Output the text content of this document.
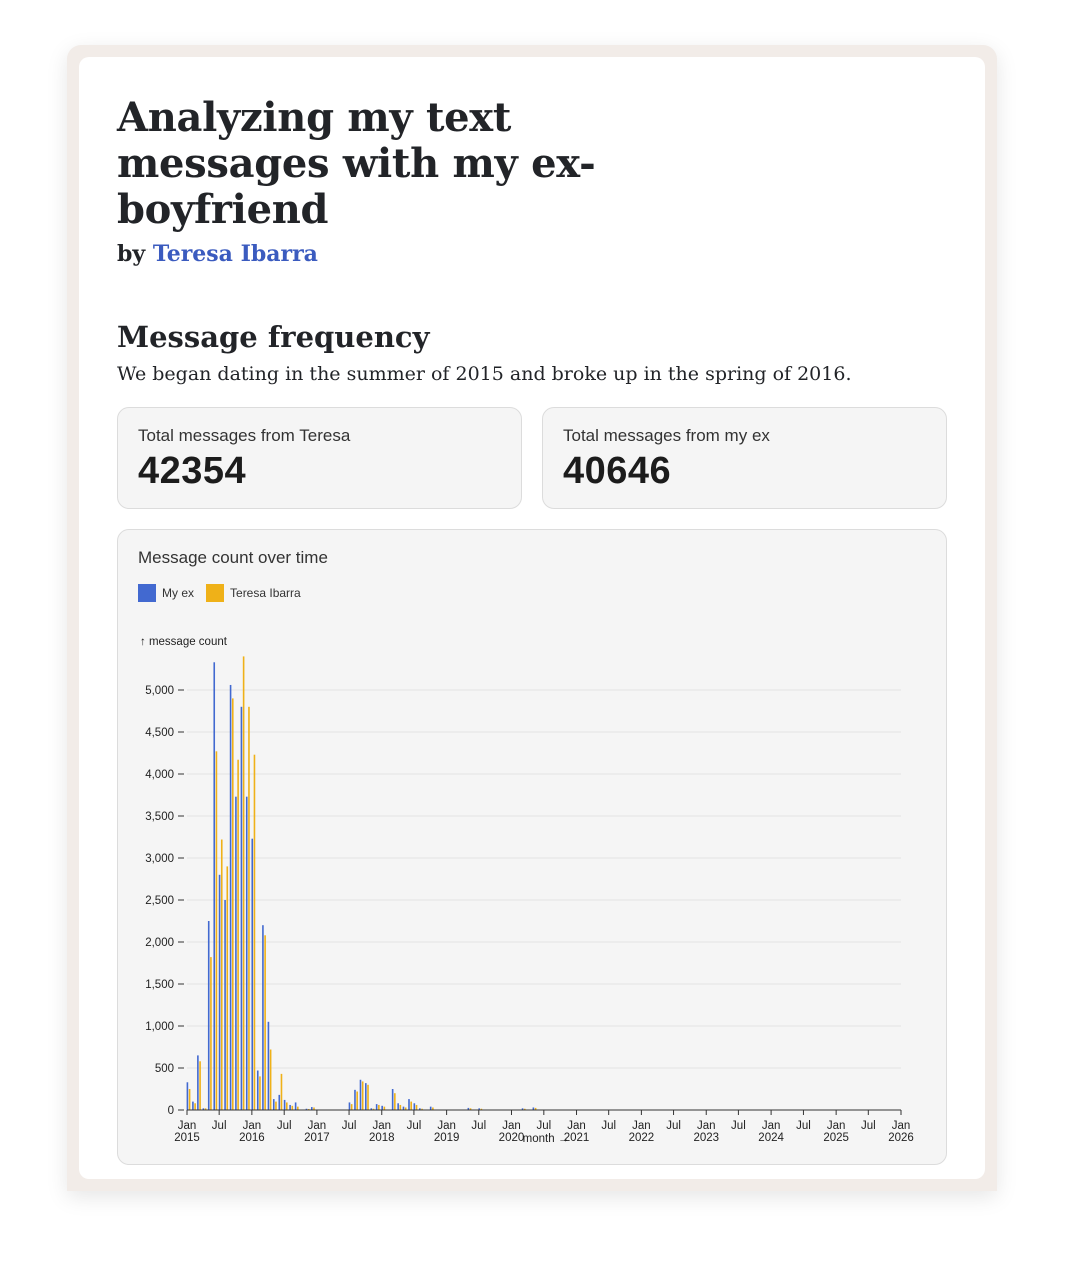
Analyzing my text messages with my ex-boyfriend
by Teresa Ibarra
Message frequency
We began dating in the summer of 2015 and broke up in the spring of 2016.
Total messages from Teresa
42354
Total messages from my ex
40646
Message count over time
My ex	Teresa Ibarra
0
500
1,000
1,500
2,000
2,500
3,000
3,500
4,000
4,500
5,000
↑ message count
Jan
2015
Jul Jan
2016
Jul Jan
2017
Jul Jan
2018
Jul Jan
2019
Jul Jan
2020
Jul Jan
2021
Jul Jan
2022
Jul Jan
2023
Jul Jan
2024
Jul Jan
2025
Jul Jan
2026
month →
